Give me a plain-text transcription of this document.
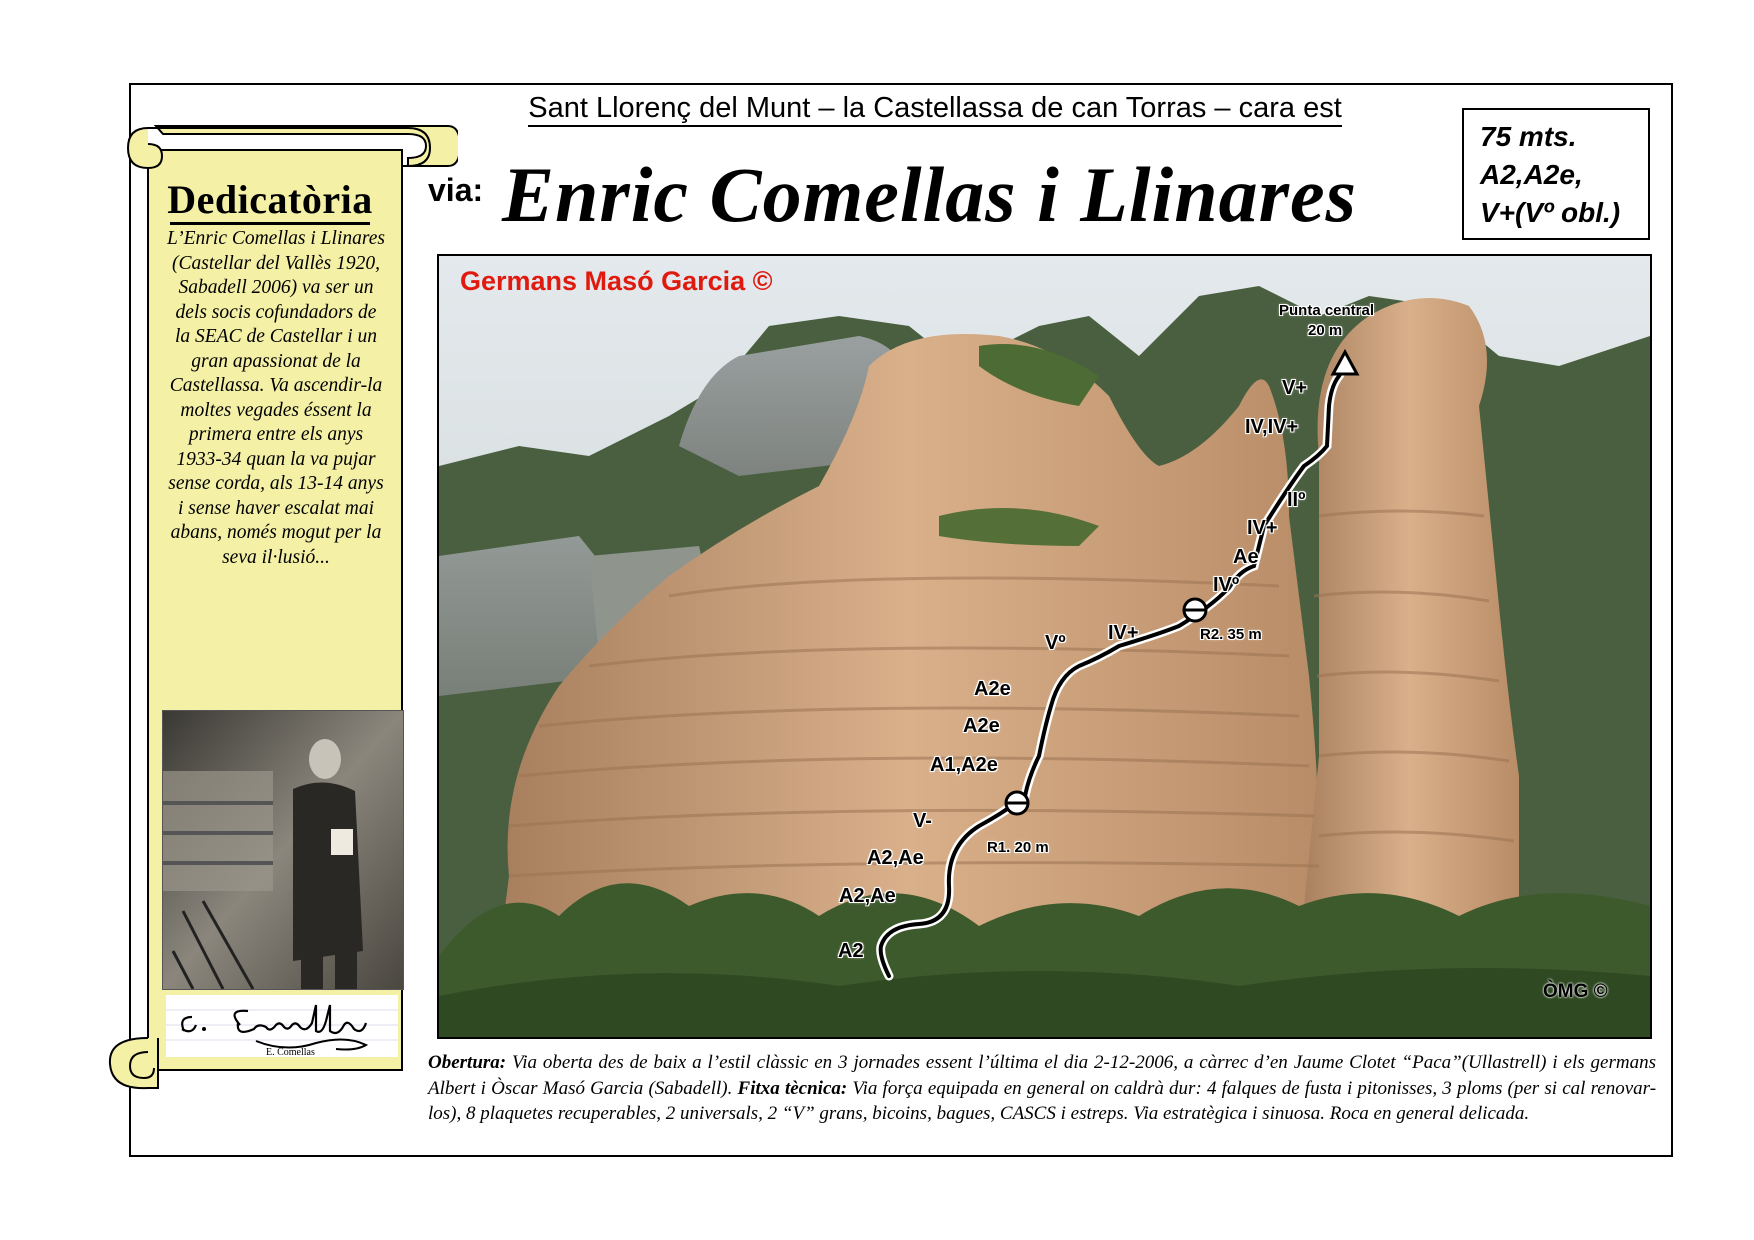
Sant Llorenç del Munt – la Castellassa de can Torras – cara est
via: Enric Comellas i Llinares
75 mts.
A2,A2e,
V+(Vº obl.)
Dedicatòria

L’Enric Comellas i Llinares (Castellar del Vallès 1920, Sabadell 2006) va ser un dels socis cofundadors de la SEAC de Castellar i un gran apassionat de la Castellassa. Va ascendir-la moltes vegades éssent la primera entre els anys 1933-34 quan la va pujar sense corda, als 13-14 anys i sense haver escalat mai abans, només mogut per la seva il·lusió...

E. Comellas
Germans Masó Garcia ©
ÒMG ©
Punta central
20 m
R1. 20 m
R2. 35 m
A2
A2,Ae
A2,Ae
V-
A1,A2e
A2e
A2e
Vº IV+
IVº
Ae
IV+
IIº
IV,IV+
V+
Obertura: Via oberta des de baix a l’estil clàssic en 3 jornades essent l’última el dia 2-12-2006, a càrrec d’en Jaume Clotet “Paca”(Ullastrell) i els germans Albert i Òscar Masó Garcia (Sabadell). Fitxa tècnica: Via força equipada en general on caldrà dur: 4 falques de fusta i pitonisses, 3 ploms (per si cal renovar-los), 8 plaquetes recuperables, 2 universals, 2 “V” grans, bicoins, bagues, CASCS i estreps. Via estratègica i sinuosa. Roca en general delicada.
